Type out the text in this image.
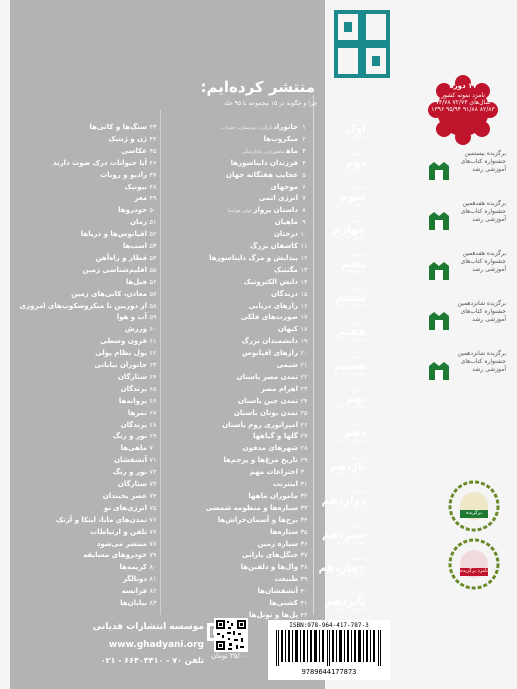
منتشر کرده‌ایم:
چرا و چگونه در ۱۵ مجموعه با ۹۵ جلد
مجموعه
اول
جلدهای ۱ تا ۷
مجموعه
دوم
جلدهای ۸ تا ۱۴
مجموعه
سوم
جلدهای ۱۵ تا ۲۱
مجموعه
چهارم
جلدهای ۲۲ تا ۲۸
مجموعه
پنجم
جلدهای ۲۹ تا ۳۵
مجموعه
ششم
جلدهای ۳۶ تا ۴۲
مجموعه
هفتم
جلدهای ۴۳ تا ۴۹
مجموعه
هشتم
جلدهای ۵۰ تا ۵۶
مجموعه
نهم
جلدهای ۵۷ تا ۶۳
مجموعه
دهم
جلدهای ۶۴ تا ۶۸
مجموعه
یازدهم
جلدهای ۶۹ تا ۷۳
مجموعه
دوازدهم
جلدهای ۷۴ تا ۷۸
مجموعه
سیزدهم
جلدهای ۷۹ تا ۸۲
مجموعه
چهاردهم
جلدهای ۸۳ تا ۸۷
مجموعه
پانزدهم
جلدهای ۸۸ تا ۹۵
۱جانورانکرگدن، دوزیستان، حشرات
۲میکروب‌ها
۳ماهماهنوردان، ماه‌گرفتگی
۴فرزندان دایناسورها
۵عجایب هفتگانه جهان
۶موجهای
۷انرژی اتمی
۸داستان پروازاولین هواپیما
۹ماهیان
۱۰درختان
۱۱کاشفان بزرگ
۱۲پیدایش و مرگ دایناسورها
۱۳مگنتیک
۱۴دانش الکترونیک
۱۵درندگان
۱۶رازهای دریایی
۱۷صورت‌های فلکی
۱۸کیهان
۱۹دانشمندان بزرگ
۲۰رازهای اقیانوس
۲۱شیمی
۲۲تمدن مصر باستان
۲۳اهرام مصر
۲۴تمدن چین باستان
۲۵تمدن یونان باستان
۲۶امپراتوری روم باستان
۲۷گلها و گیاهها
۲۸شهرهای مدفون
۲۹تاریخ مرغ‌ها و پرچم‌ها
۳۰اختراعات مهم
۳۱اینترنت
۳۲ماموران ماهها
۳۳سیاره‌ها و منظومه شمسی
۳۴برج‌ها و آسمان‌خراش‌ها
۳۵ستاره‌ها
۳۶سیاره زمین
۳۷جنگل‌های بارانی
۳۸وال‌ها و دلفین‌ها
۳۹طبیعت
۴۰آتشفشان‌ها
۴۱کشتی‌ها
۴۲پل‌ها و تونل‌ها
۴۳سنگ‌ها و کانی‌ها
۴۴ژن و ژنتیک
۴۵عکاسی
۴۶آیا حیوانات درک صوت دارند
۴۷رادیو و روبات
۴۸بیونیک
۴۹مغز
۵۰خودروها
۵۱زمان
۵۲اقیانوس‌ها و دریاها
۵۳اسب‌ها
۵۴قطار و راه‌آهن
۵۵اقلیم‌شناسی زمین
۵۶فیل‌ها
۵۷معادن، کانی‌های زمین
۵۸از دوربین تا میکروسکوپ‌های امروزی
۵۹آب و هوا
۶۰ورزش
۶۱قرون وسطی
۶۲پول نظام پولی
۶۳جانوران بیابانی
۶۴ستارگان
۶۵پرندگان
۶۶پروانه‌ها
۶۷تمرها
۶۸پرندگان
۶۹نور و رنگ
۷۰ماهی‌ها
۷۱آتشفشان
۷۲نور و رنگ
۷۳ستارگان
۷۴عصر یخبندان
۷۵انرژی‌های نو
۷۶تمدن‌های مایا، اینکا و آزتک
۷۷تلفن و ارتباطات
۷۸منتشر می‌شود
۷۹خودروهای مسابقه
۸۰کریمه‌ها
۸۱دونالگر
۸۲فرانسه
۸۳بیابان‌ها
موسسه انتشارات قدیانی
www.ghadyani.org
تلفن ۷۰ - ۶۶۴۰۴۴۱۰ - ۰۲۱	۳۵/۰۰۰ تومان
ISBN:978-964-417-787-3
9789644177873
۱۱ دوره
نامزد نمونه کشور
سال‌های ۷۲/۷۳ ۷۴/۷۸ ۸۲/۸۳ ۹۱/۸۸ ۹۵/۹۴ ۱۳۹۶
برگزیده بیستمین جشنواره کتاب‌های آموزشی رشد
برگزیده هفدهمین جشنواره کتاب‌های آموزشی رشد
برگزیده هفدهمین جشنواره کتاب‌های آموزشی رشد
برگزیده شانزدهمین جشنواره کتاب‌های آموزشی رشد
برگزیده شانزدهمین جشنواره کتاب‌های آموزشی رشد
برگزیده
نامزد برگزیده
